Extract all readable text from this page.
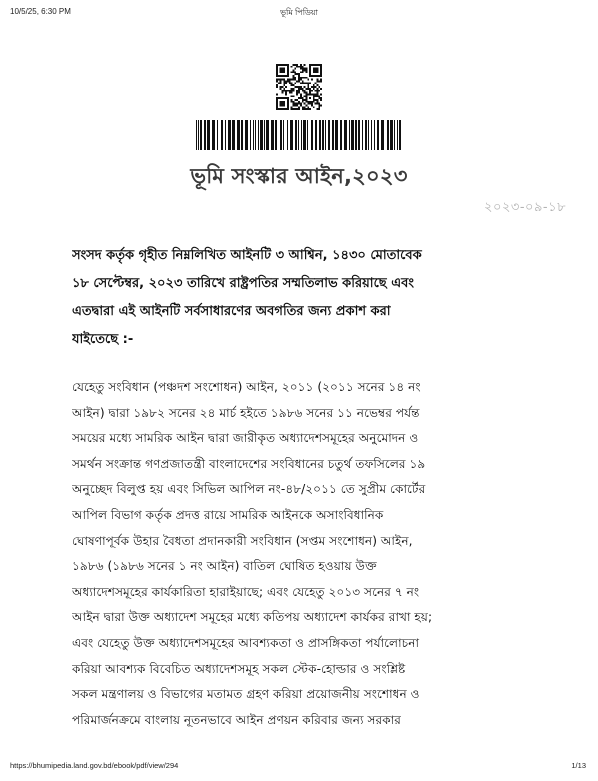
10/5/25, 6:30 PM	ভূমি পিডিয়া
ভূমি সংস্কার আইন,২০২৩
২০২৩-০৯-১৮
সংসদ কর্তৃক গৃহীত নিম্নলিখিত আইনটি ৩ আশ্বিন, ১৪৩০ মোতাবেক
১৮ সেপ্টেম্বর, ২০২৩ তারিখে রাষ্ট্রপতির সম্মতিলাভ করিয়াছে এবং
এতদ্বারা এই আইনটি সর্বসাধারণের অবগতির জন্য প্রকাশ করা
যাইতেছে :-
যেহেতু সংবিধান (পঞ্চদশ সংশোধন) আইন, ২০১১ (২০১১ সনের ১৪ নং
আইন) দ্বারা ১৯৮২ সনের ২৪ মার্চ হইতে ১৯৮৬ সনের ১১ নভেম্বর পর্যন্ত
সময়ের মধ্যে সামরিক আইন দ্বারা জারীকৃত অধ্যাদেশসমূহের অনুমোদন ও
সমর্থন সংক্রান্ত গণপ্রজাতন্ত্রী বাংলাদেশের সংবিধানের চতুর্থ তফসিলের ১৯
অনুচ্ছেদ বিলুপ্ত হয় এবং সিভিল আপিল নং-৪৮/২০১১ তে সুপ্রীম কোর্টের
আপিল বিভাগ কর্তৃক প্রদত্ত রায়ে সামরিক আইনকে অসাংবিধানিক
ঘোষণাপূর্বক উহার বৈধতা প্রদানকারী সংবিধান (সপ্তম সংশোধন) আইন,
১৯৮৬ (১৯৮৬ সনের ১ নং আইন) বাতিল ঘোষিত হওয়ায় উক্ত
অধ্যাদেশসমূহের কার্যকারিতা হারাইয়াছে; এবং যেহেতু ২০১৩ সনের ৭ নং
আইন দ্বারা উক্ত অধ্যাদেশ সমূহের মধ্যে কতিপয় অধ্যাদেশ কার্যকর রাখা হয়;
এবং যেহেতু উক্ত অধ্যাদেশসমূহের আবশ্যকতা ও প্রাসঙ্গিকতা পর্যালোচনা
করিয়া আবশ্যক বিবেচিত অধ্যাদেশসমূহ সকল স্টেক-হোল্ডার ও সংশ্লিষ্ট
সকল মন্ত্রণালয় ও বিভাগের মতামত গ্রহণ করিয়া প্রয়োজনীয় সংশোধন ও
পরিমার্জনক্রমে বাংলায় নূতনভাবে আইন প্রণয়ন করিবার জন্য সরকার
https://bhumipedia.land.gov.bd/ebook/pdf/view/294	1/13
